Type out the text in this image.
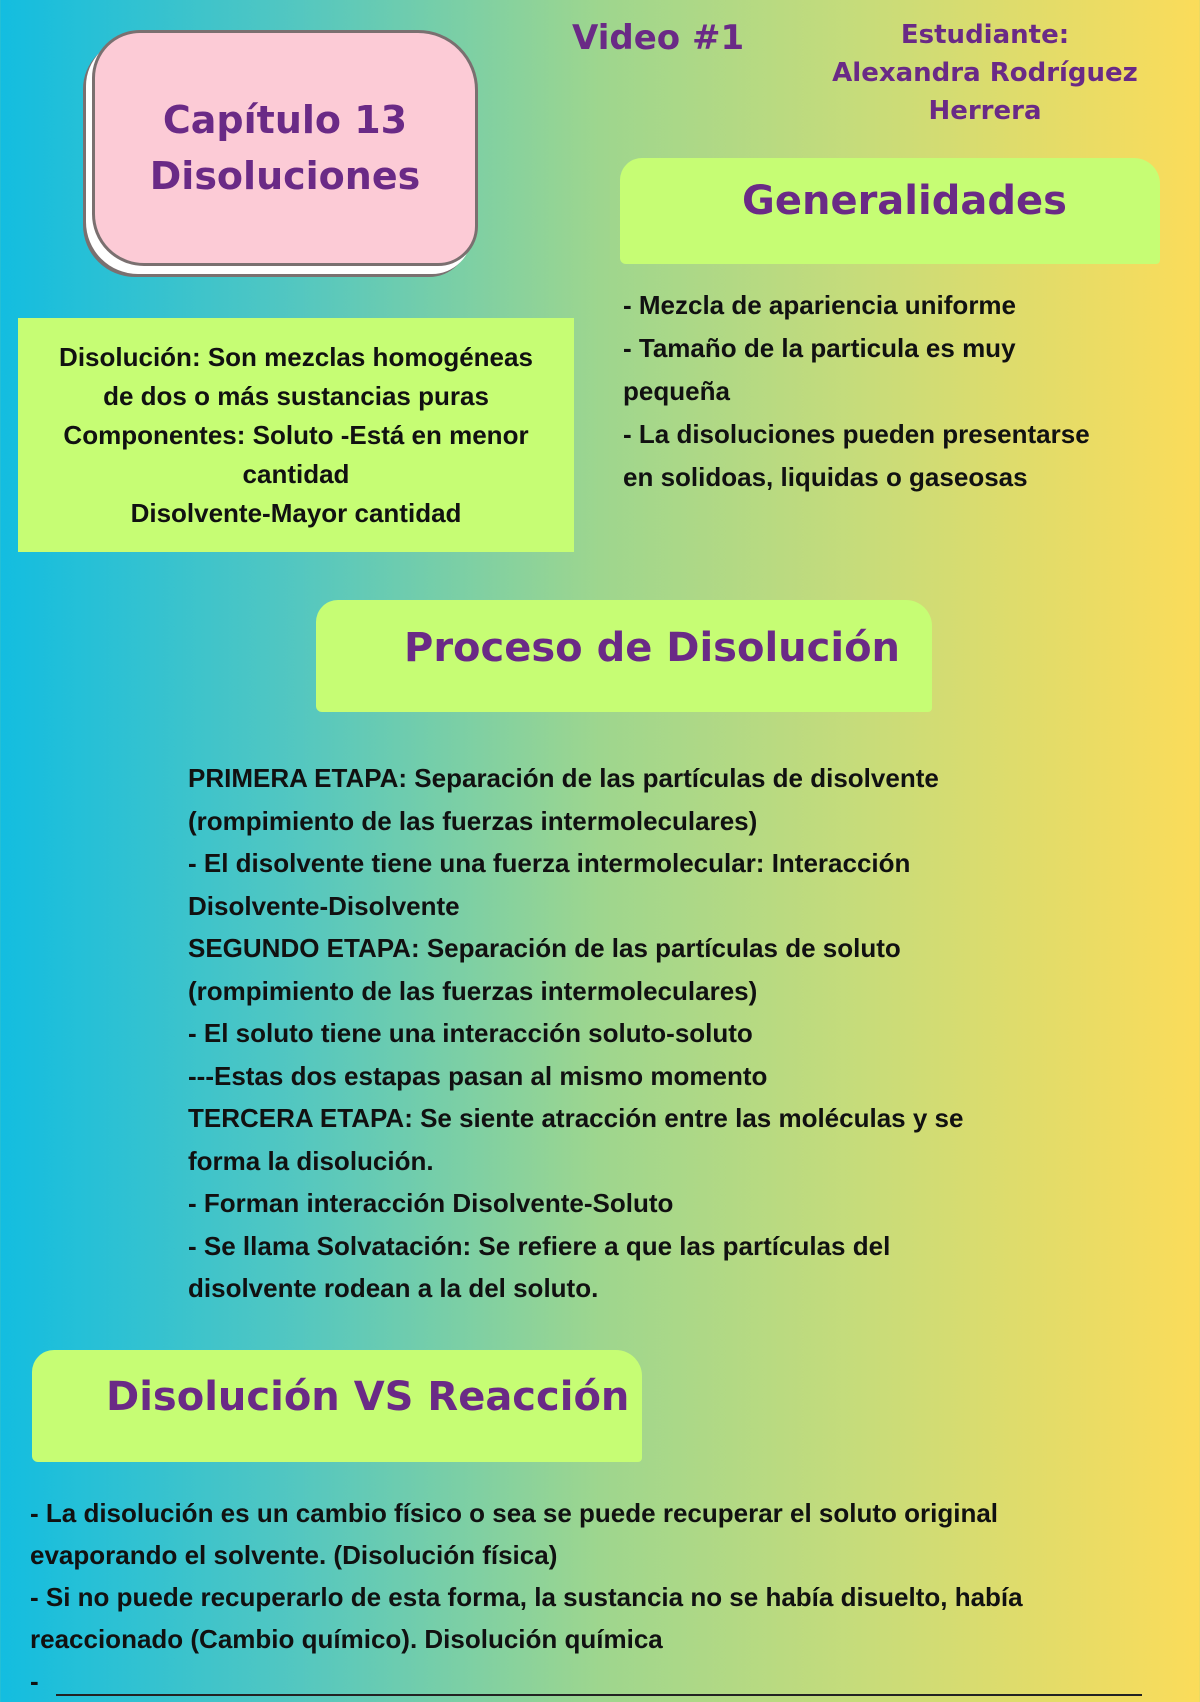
Video #1	Estudiante:
Alexandra Rodríguez Herrera
Capítulo 13
Disoluciones
Generalidades
Disolución: Son mezclas homogéneas
de dos o más sustancias puras
Componentes: Soluto -Está en menor
cantidad
Disolvente-Mayor cantidad
- Mezcla de apariencia uniforme
- Tamaño de la particula es muy
pequeña
- La disoluciones pueden presentarse
en solidoas, liquidas o gaseosas
Proceso de Disolución
PRIMERA ETAPA: Separación de las partículas de disolvente
(rompimiento de las fuerzas intermoleculares)
- El disolvente tiene una fuerza intermolecular: Interacción
Disolvente-Disolvente
SEGUNDO ETAPA: Separación de las partículas de soluto
(rompimiento de las fuerzas intermoleculares)
- El soluto tiene una interacción soluto-soluto
---Estas dos estapas pasan al mismo momento
TERCERA ETAPA: Se siente atracción entre las moléculas y se
forma la disolución.
- Forman interacción Disolvente-Soluto
- Se llama Solvatación: Se refiere a que las partículas del
disolvente rodean a la del soluto.
Disolución VS Reacción
- La disolución es un cambio físico o sea se puede recuperar el soluto original
evaporando el solvente. (Disolución física)
- Si no puede recuperarlo de esta forma, la sustancia no se había disuelto, había
reaccionado (Cambio químico). Disolución química
-
